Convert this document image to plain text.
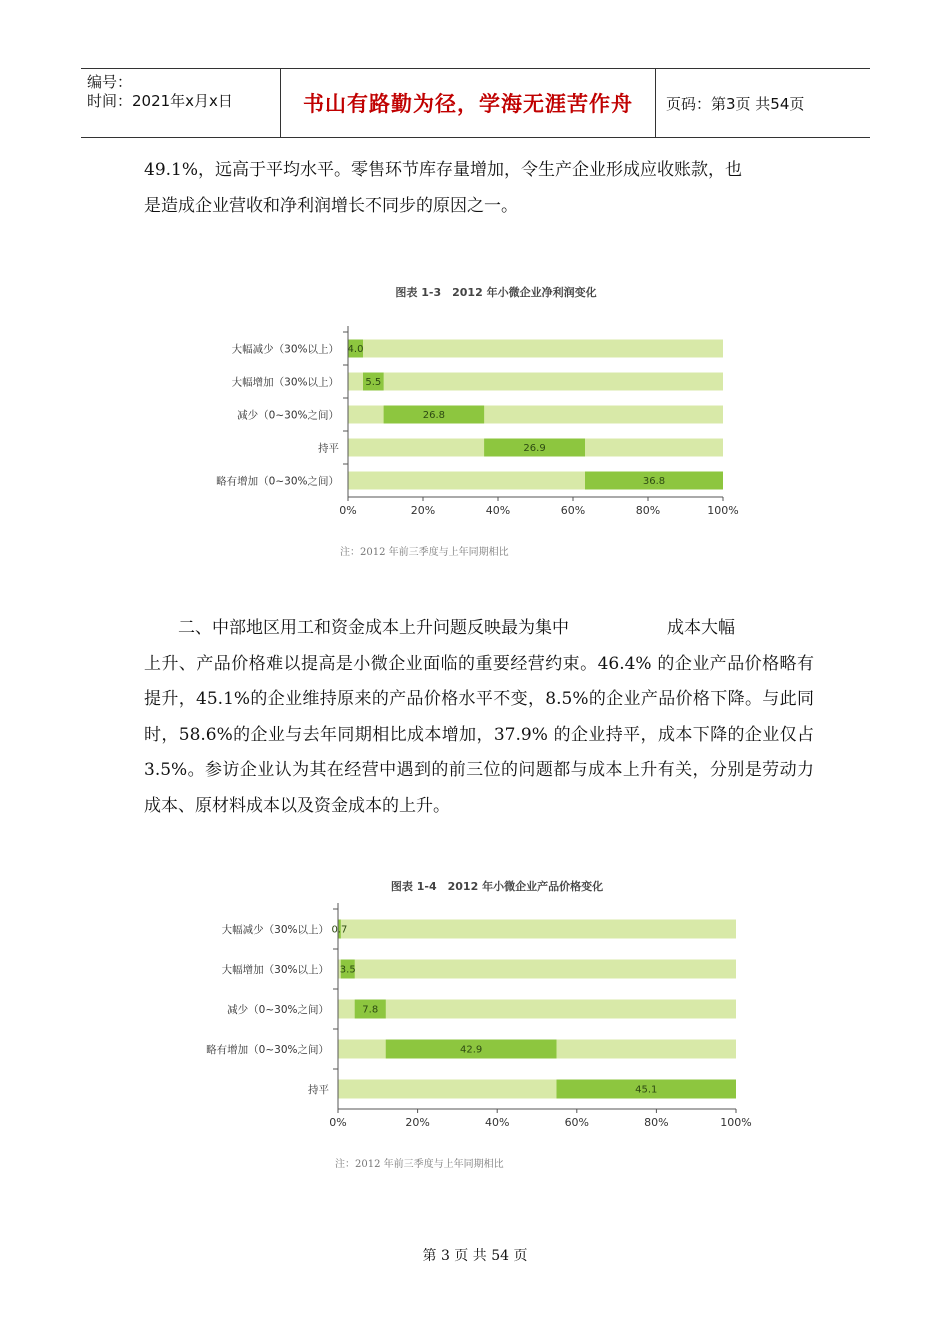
编号：
时间：2021年x月x日	书山有路勤为径，学海无涯苦作舟 页码：第3页 共54页
49.1%，远高于平均水平。零售环节库存量增加，令生产企业形成应收账款，也
是造成企业营收和净利润增长不同步的原因之一。
图表 1-3　2012 年小微企业净利润变化
4.0
大幅减少（30%以上）
5.5
大幅增加（30%以上）
26.8
减少（0~30%之间）
26.9
持平
36.8
略有增加（0~30%之间）
0%	20%	40%	60%	80%	100%
注：2012 年前三季度与上年同期相比
二、中部地区用工和资金成本上升问题反映最为集中	成本大幅
上升、产品价格难以提高是小微企业面临的重要经营约束。46.4% 的企业产品价格略有提升，45.1%的企业维持原来的产品价格水平不变，8.5%的企业产品价格下降。与此同时，58.6%的企业与去年同期相比成本增加，37.9% 的企业持平，成本下降的企业仅占 3.5%。参访企业认为其在经营中遇到的前三位的问题都与成本上升有关，分别是劳动力成本、原材料成本以及资金成本的上升。
图表 1-4　2012 年小微企业产品价格变化
0.7
大幅减少（30%以上）
3.5
大幅增加（30%以上）
7.8
减少（0~30%之间）
42.9
略有增加（0~30%之间）
45.1
持平
0%	20%	40%	60%	80%	100%
注：2012 年前三季度与上年同期相比
第 3 页 共 54 页
